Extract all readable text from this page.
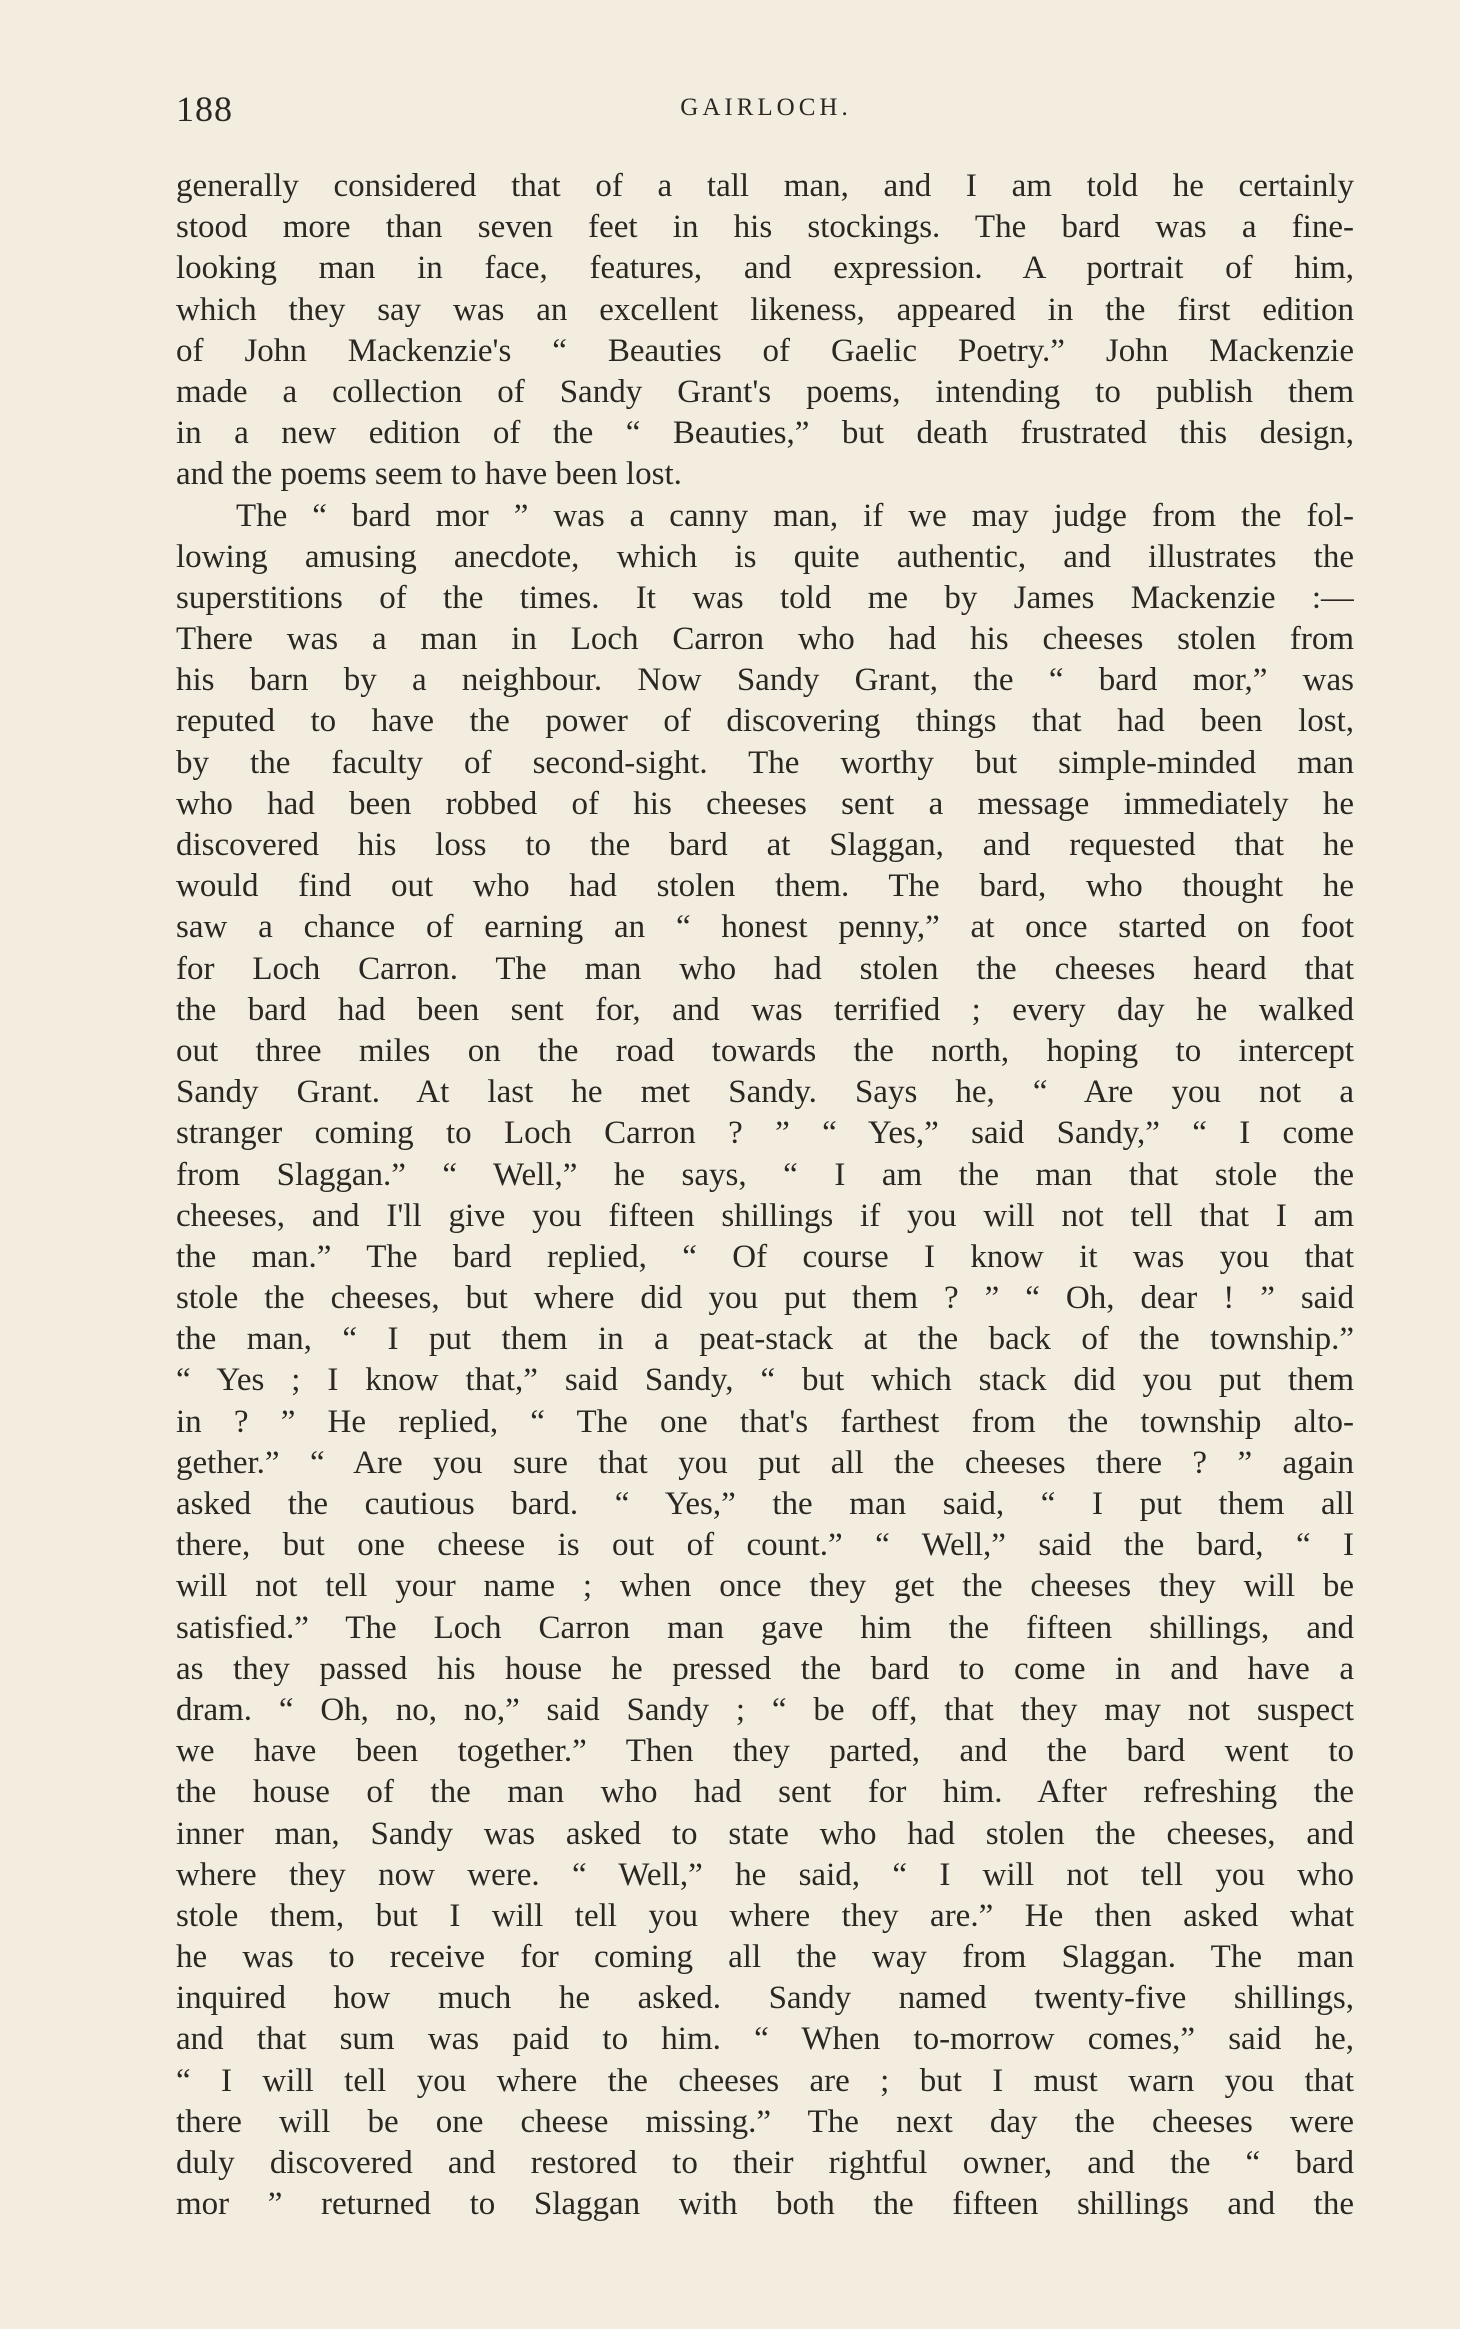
188	GAIRLOCH.
generally considered that of a tall man, and I am told he certainly
stood more than seven feet in his stockings. The bard was a fine-
looking man in face, features, and expression. A portrait of him,
which they say was an excellent likeness, appeared in the first edition
of John Mackenzie's “ Beauties of Gaelic Poetry.” John Mackenzie
made a collection of Sandy Grant's poems, intending to publish them
in a new edition of the “ Beauties,” but death frustrated this design,
and the poems seem to have been lost.
The “ bard mor ” was a canny man, if we may judge from the fol-
lowing amusing anecdote, which is quite authentic, and illustrates the
superstitions of the times. It was told me by James Mackenzie :—
There was a man in Loch Carron who had his cheeses stolen from
his barn by a neighbour. Now Sandy Grant, the “ bard mor,” was
reputed to have the power of discovering things that had been lost,
by the faculty of second-sight. The worthy but simple-minded man
who had been robbed of his cheeses sent a message immediately he
discovered his loss to the bard at Slaggan, and requested that he
would find out who had stolen them. The bard, who thought he
saw a chance of earning an “ honest penny,” at once started on foot
for Loch Carron. The man who had stolen the cheeses heard that
the bard had been sent for, and was terrified ; every day he walked
out three miles on the road towards the north, hoping to intercept
Sandy Grant. At last he met Sandy. Says he, “ Are you not a
stranger coming to Loch Carron ? ” “ Yes,” said Sandy,” “ I come
from Slaggan.” “ Well,” he says, “ I am the man that stole the
cheeses, and I'll give you fifteen shillings if you will not tell that I am
the man.” The bard replied, “ Of course I know it was you that
stole the cheeses, but where did you put them ? ” “ Oh, dear ! ” said
the man, “ I put them in a peat-stack at the back of the township.”
“ Yes ; I know that,” said Sandy, “ but which stack did you put them
in ? ” He replied, “ The one that's farthest from the township alto-
gether.” “ Are you sure that you put all the cheeses there ? ” again
asked the cautious bard. “ Yes,” the man said, “ I put them all
there, but one cheese is out of count.” “ Well,” said the bard, “ I
will not tell your name ; when once they get the cheeses they will be
satisfied.” The Loch Carron man gave him the fifteen shillings, and
as they passed his house he pressed the bard to come in and have a
dram. “ Oh, no, no,” said Sandy ; “ be off, that they may not suspect
we have been together.” Then they parted, and the bard went to
the house of the man who had sent for him. After refreshing the
inner man, Sandy was asked to state who had stolen the cheeses, and
where they now were. “ Well,” he said, “ I will not tell you who
stole them, but I will tell you where they are.” He then asked what
he was to receive for coming all the way from Slaggan. The man
inquired how much he asked. Sandy named twenty-five shillings,
and that sum was paid to him. “ When to-morrow comes,” said he,
“ I will tell you where the cheeses are ; but I must warn you that
there will be one cheese missing.” The next day the cheeses were
duly discovered and restored to their rightful owner, and the “ bard
mor ” returned to Slaggan with both the fifteen shillings and the
